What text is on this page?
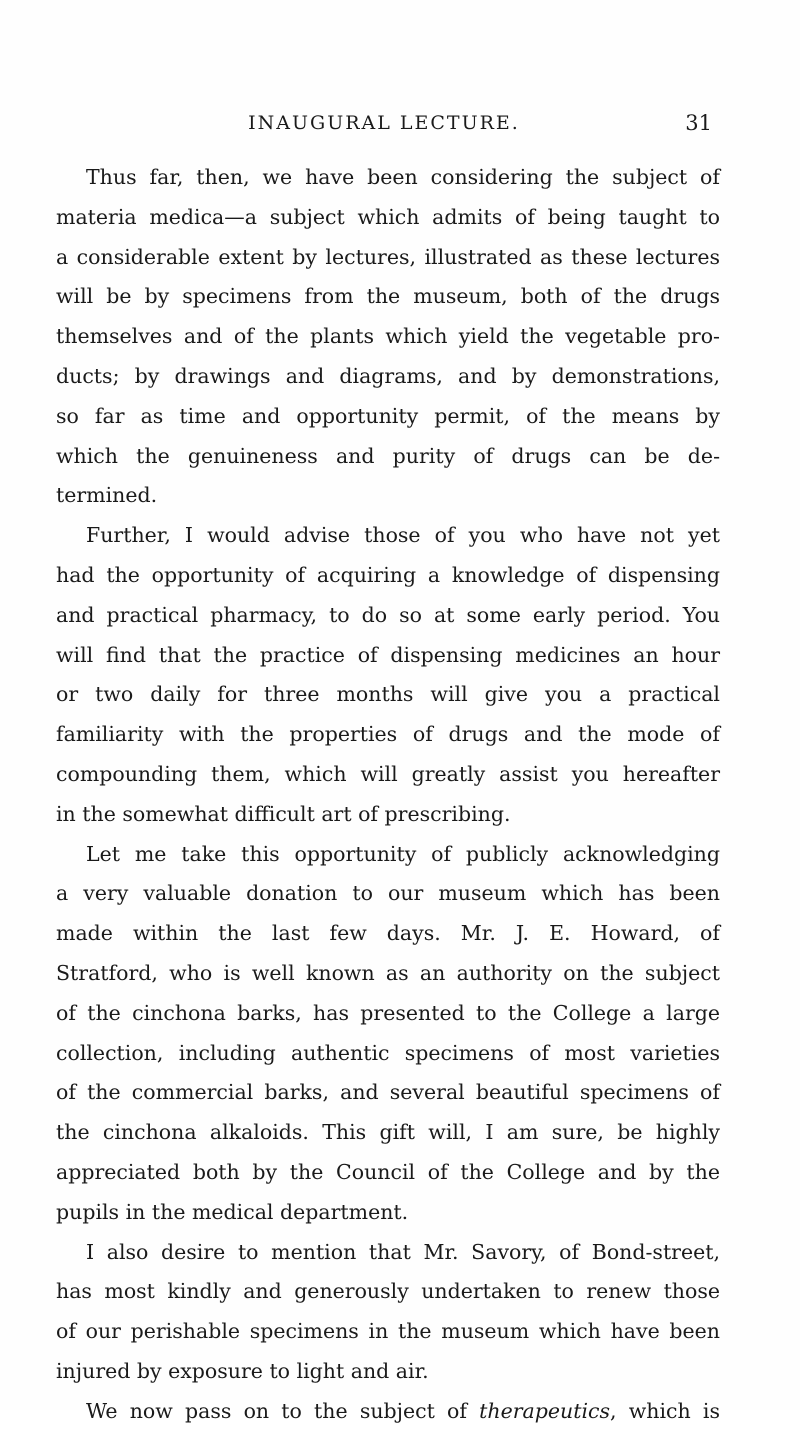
INAUGURAL LECTURE.	31
Thus far, then, we have been considering the subject of
materia medica—a subject which admits of being taught to
a considerable extent by lectures, illustrated as these lectures
will be by specimens from the museum, both of the drugs
themselves and of the plants which yield the vegetable pro-
ducts; by drawings and diagrams, and by demonstrations,
so far as time and opportunity permit, of the means by
which the genuineness and purity of drugs can be de-
termined.
Further, I would advise those of you who have not yet
had the opportunity of acquiring a knowledge of dispensing
and practical pharmacy, to do so at some early period. You
will find that the practice of dispensing medicines an hour
or two daily for three months will give you a practical
familiarity with the properties of drugs and the mode of
compounding them, which will greatly assist you hereafter
in the somewhat difficult art of prescribing.
Let me take this opportunity of publicly acknowledging
a very valuable donation to our museum which has been
made within the last few days. Mr. J. E. Howard, of
Stratford, who is well known as an authority on the subject
of the cinchona barks, has presented to the College a large
collection, including authentic specimens of most varieties
of the commercial barks, and several beautiful specimens of
the cinchona alkaloids. This gift will, I am sure, be highly
appreciated both by the Council of the College and by the
pupils in the medical department.
I also desire to mention that Mr. Savory, of Bond-street,
has most kindly and generously undertaken to renew those
of our perishable specimens in the museum which have been
injured by exposure to light and air.
We now pass on to the subject of therapeutics, which is
